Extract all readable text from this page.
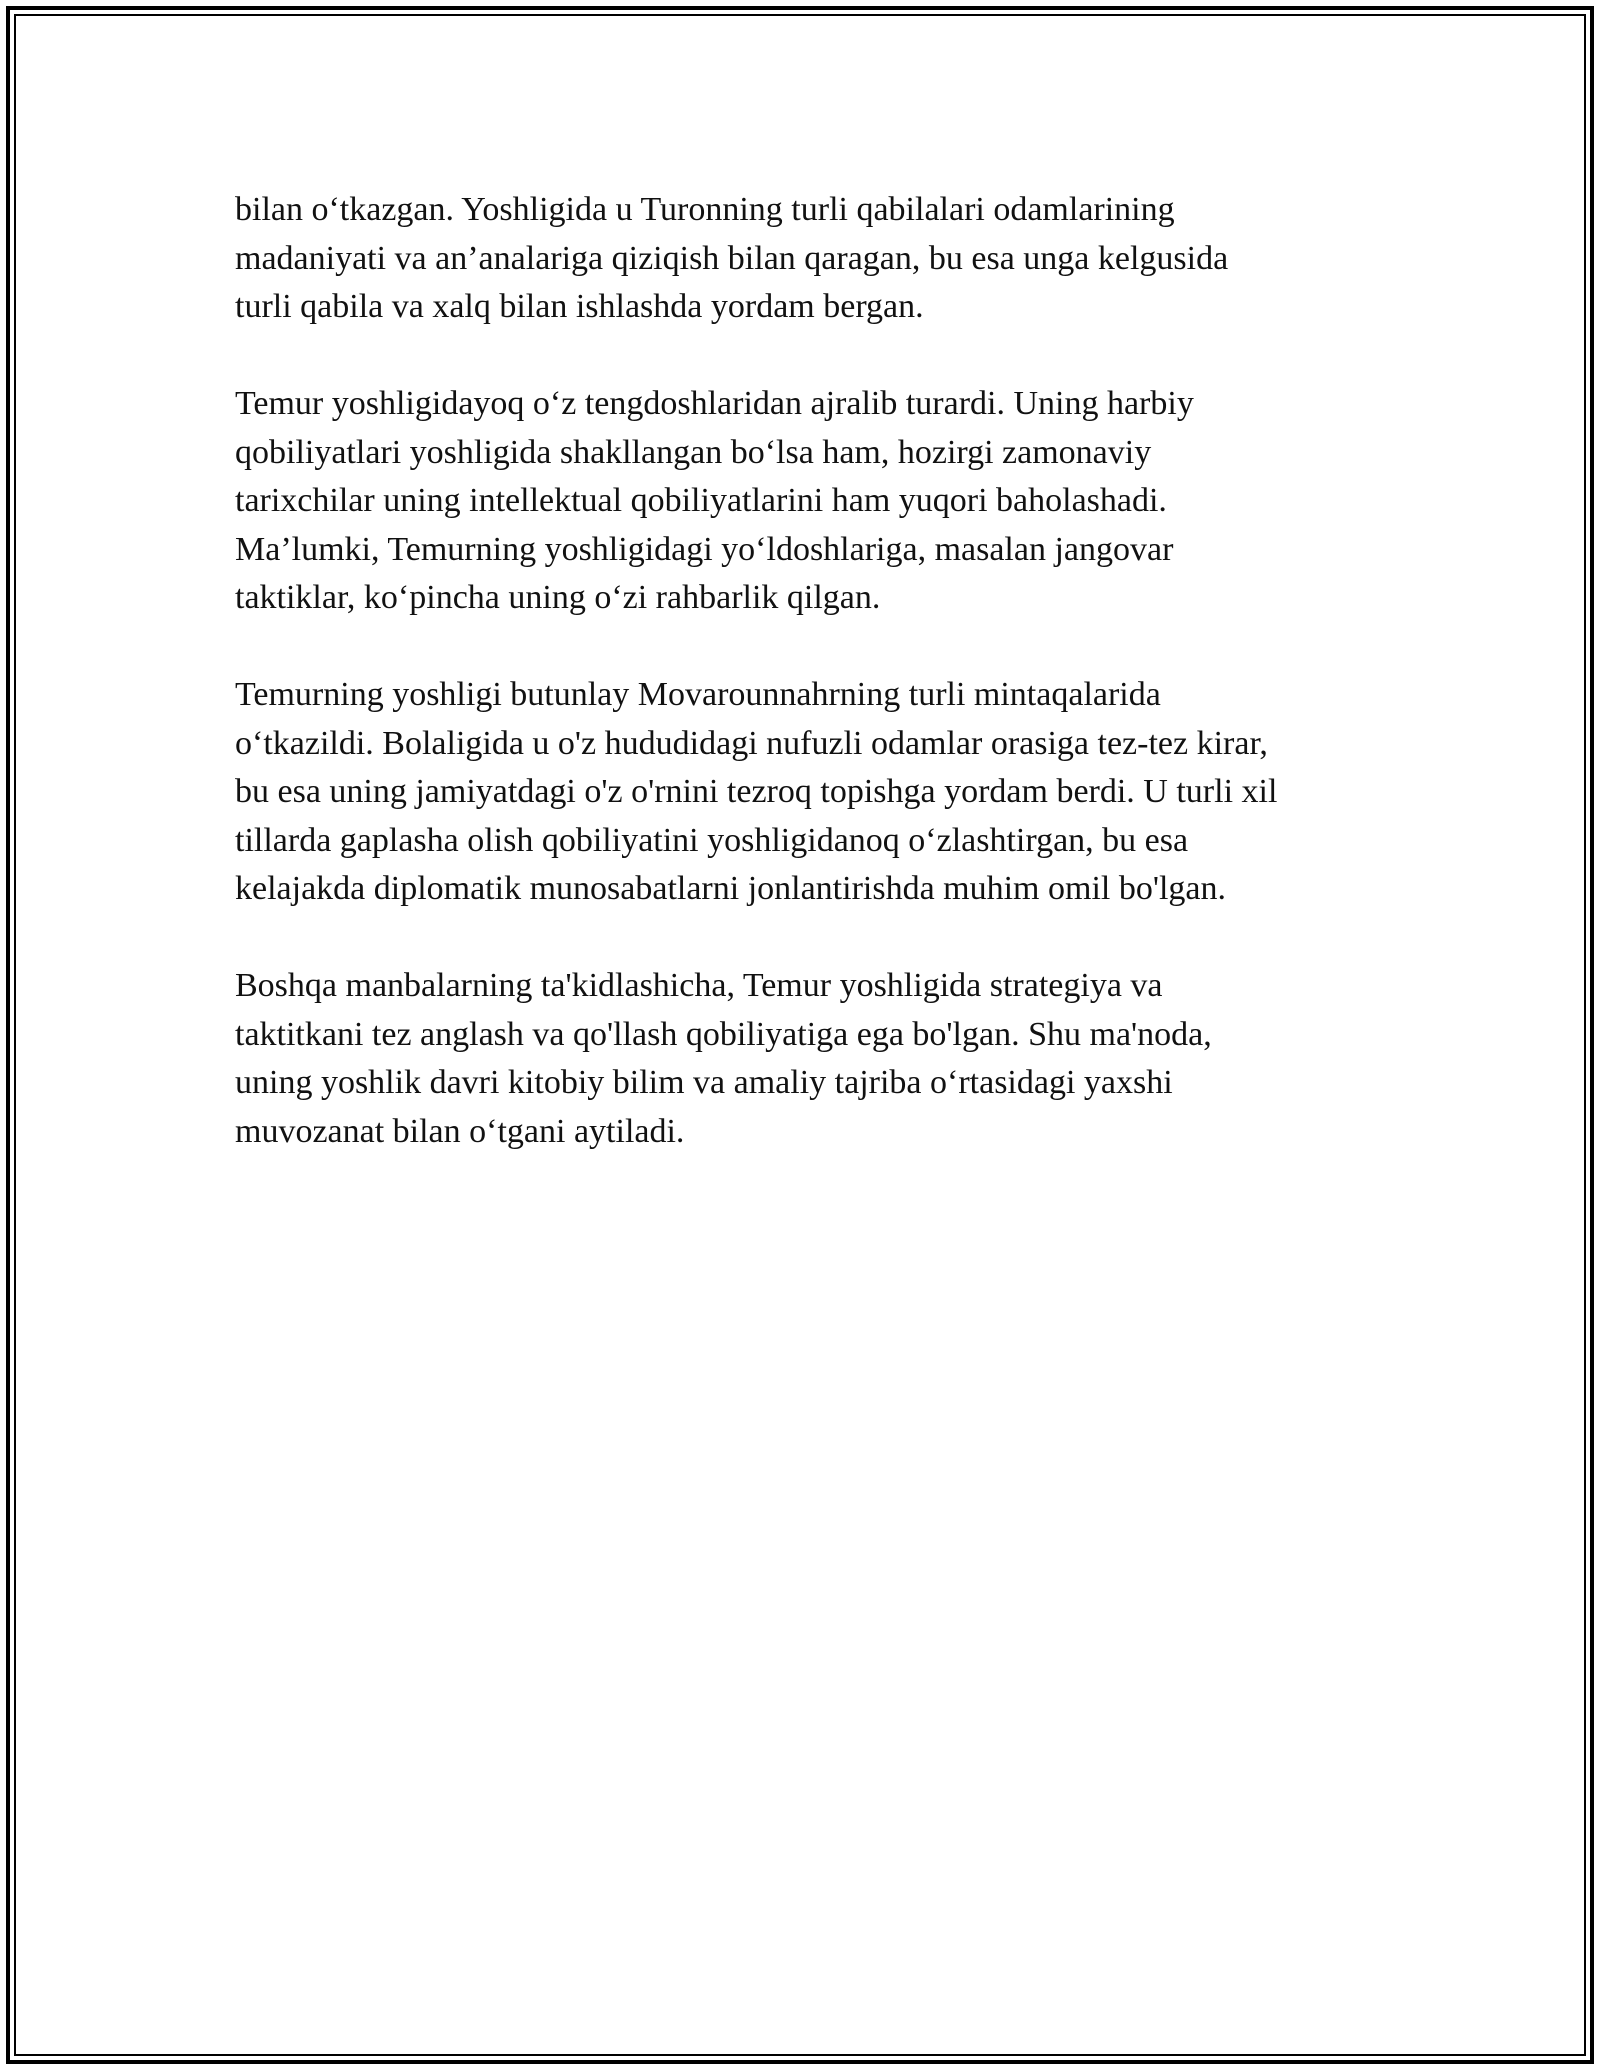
bilan o‘tkazgan. Yoshligida u Turonning turli qabilalari odamlarining
madaniyati va an’analariga qiziqish bilan qaragan, bu esa unga kelgusida
turli qabila va xalq bilan ishlashda yordam bergan.

Temur yoshligidayoq o‘z tengdoshlaridan ajralib turardi. Uning harbiy
qobiliyatlari yoshligida shakllangan bo‘lsa ham, hozirgi zamonaviy
tarixchilar uning intellektual qobiliyatlarini ham yuqori baholashadi.
Ma’lumki, Temurning yoshligidagi yo‘ldoshlariga, masalan jangovar
taktiklar, ko‘pincha uning o‘zi rahbarlik qilgan.

Temurning yoshligi butunlay Movarounnahrning turli mintaqalarida
o‘tkazildi. Bolaligida u o'z hududidagi nufuzli odamlar orasiga tez-tez kirar,
bu esa uning jamiyatdagi o'z o'rnini tezroq topishga yordam berdi. U turli xil
tillarda gaplasha olish qobiliyatini yoshligidanoq o‘zlashtirgan, bu esa
kelajakda diplomatik munosabatlarni jonlantirishda muhim omil bo'lgan.

Boshqa manbalarning ta'kidlashicha, Temur yoshligida strategiya va
taktitkani tez anglash va qo'llash qobiliyatiga ega bo'lgan. Shu ma'noda,
uning yoshlik davri kitobiy bilim va amaliy tajriba o‘rtasidagi yaxshi
muvozanat bilan o‘tgani aytiladi.
